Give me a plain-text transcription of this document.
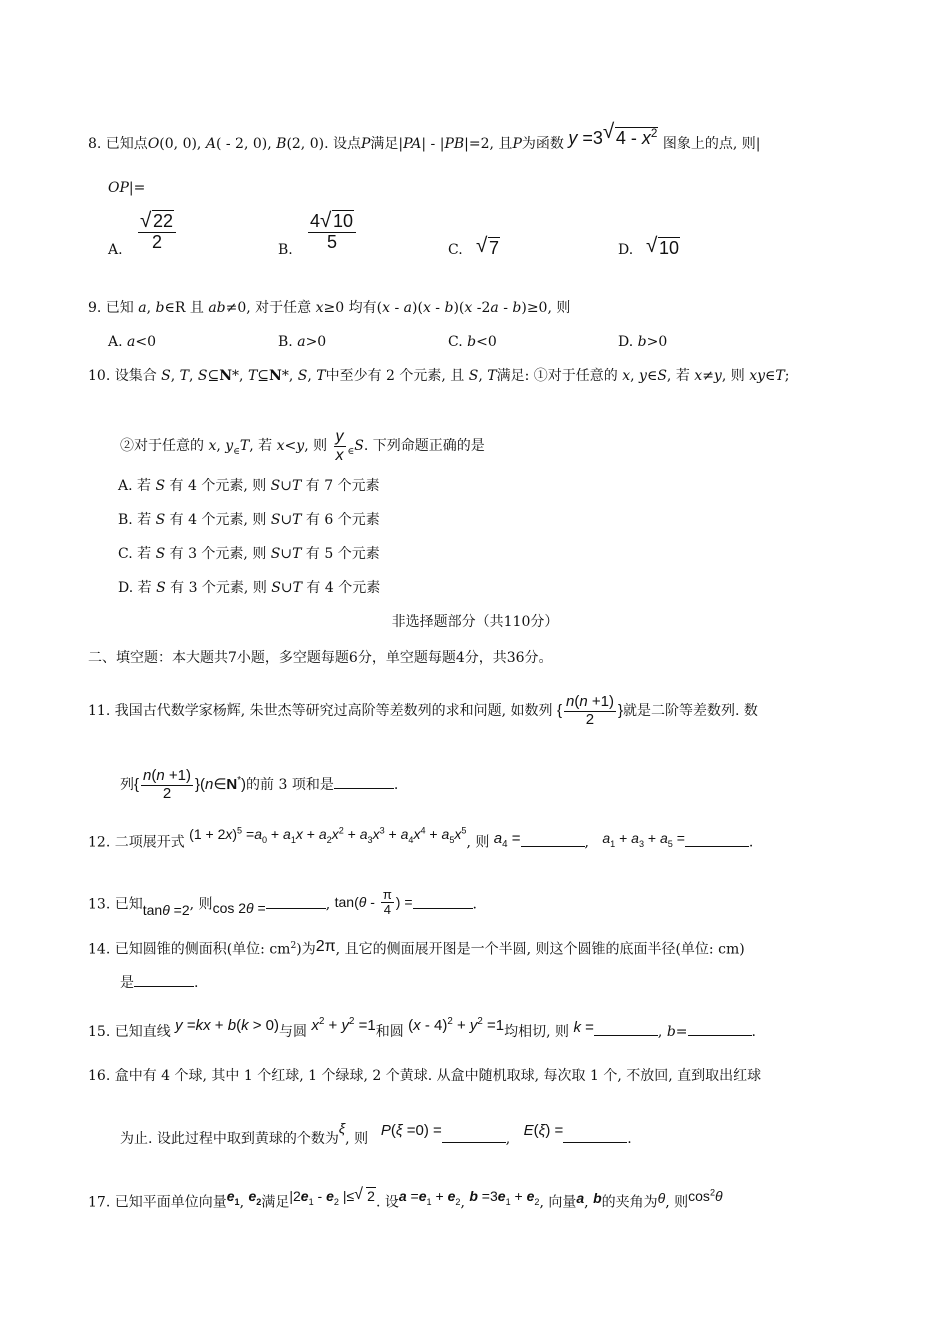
8. 已知点O(0, 0), A( - 2, 0), B(2, 0). 设点P满足|PA| - |PB|=2, 且P为函数 y =3 √ $4 - x^2$ 图象上的点, 则|
OP|=
A. √ $\frac{22}{2}$	B. $\frac{4 √ 10}{5}$	C.	√ 7	D.	√ 10
9. 已知 a, b∈R 且 ab≠0, 对于任意 x≥0 均有(x - a)(x - b)(x -2a - b)≥0, 则
A. a<0	B. a>0	C. b<0	D. b>0
10. 设集合 S, T, S⊆N*, T⊆N*, S, T中至少有 2 个元素, 且 S, T满足: ①对于任意的 x, y∈S, 若 x≠y, 则 xy∈T;
②对于任意的 x, $y_\in T$, 若 x<y, 则 $\frac{y}{x} _\in S$. 下列命题正确的是
A. 若 S 有 4 个元素, 则 S∪T 有 7 个元素
B. 若 S 有 4 个元素, 则 S∪T 有 6 个元素
C. 若 S 有 3 个元素, 则 S∪T 有 5 个元素
D. 若 S 有 3 个元素, 则 S∪T 有 4 个元素
非选择题部分（共110分）
二、填空题：本大题共7小题，多空题每题6分，单空题每题4分，共36分。
11. 我国古代数学家杨辉, 朱世杰等研究过高阶等差数列的求和问题, 如数列 { $\frac{n(n +1)}{2}$ }就是二阶等差数列. 数
列{ $\frac{n(n +1)}{2}$ }(n∈N*)的前 3 项和是	.
12. 二项展开式 $(1 + 2x)^5 =a_0 + a_1x + a_2x^2 + a_3x^3 + a_4x^4 + a_5x^5$, 则 $a_4$ =	,   $a_1 + a_3 + a_5$ =	.
13. 已知tanθ =2, 则cos 2θ =	, $\tan(\theta - \frac{\pi}{4}$ ) =	.
14. 已知圆锥的侧面积(单位: $cm^2$)为2π, 且它的侧面展开图是一个半圆, 则这个圆锥的底面半径(单位: cm)
是	.
15. 已知直线 y =kx + b(k > 0)与圆 $x^2 + y^2 =1$和圆 $(x - 4)^2 + y^2 =1$均相切, 则 k =	, b=	.
16. 盒中有 4 个球, 其中 1 个红球, 1 个绿球, 2 个黄球. 从盒中随机取球, 每次取 1 个, 不放回, 直到取出红球
为止. 设此过程中取到黄球的个数为ξ, 则   P(ξ =0) =	,   E(ξ) =	.
17. 已知平面单位向量$e_1$, $e_2$满足$|2e_1 - e_2$ |≤ √ 2. 设$a =e_1 + e_2$, $b =3e_1 + e_2$, 向量a, b的夹角为θ, 则$\cos^2\theta$
